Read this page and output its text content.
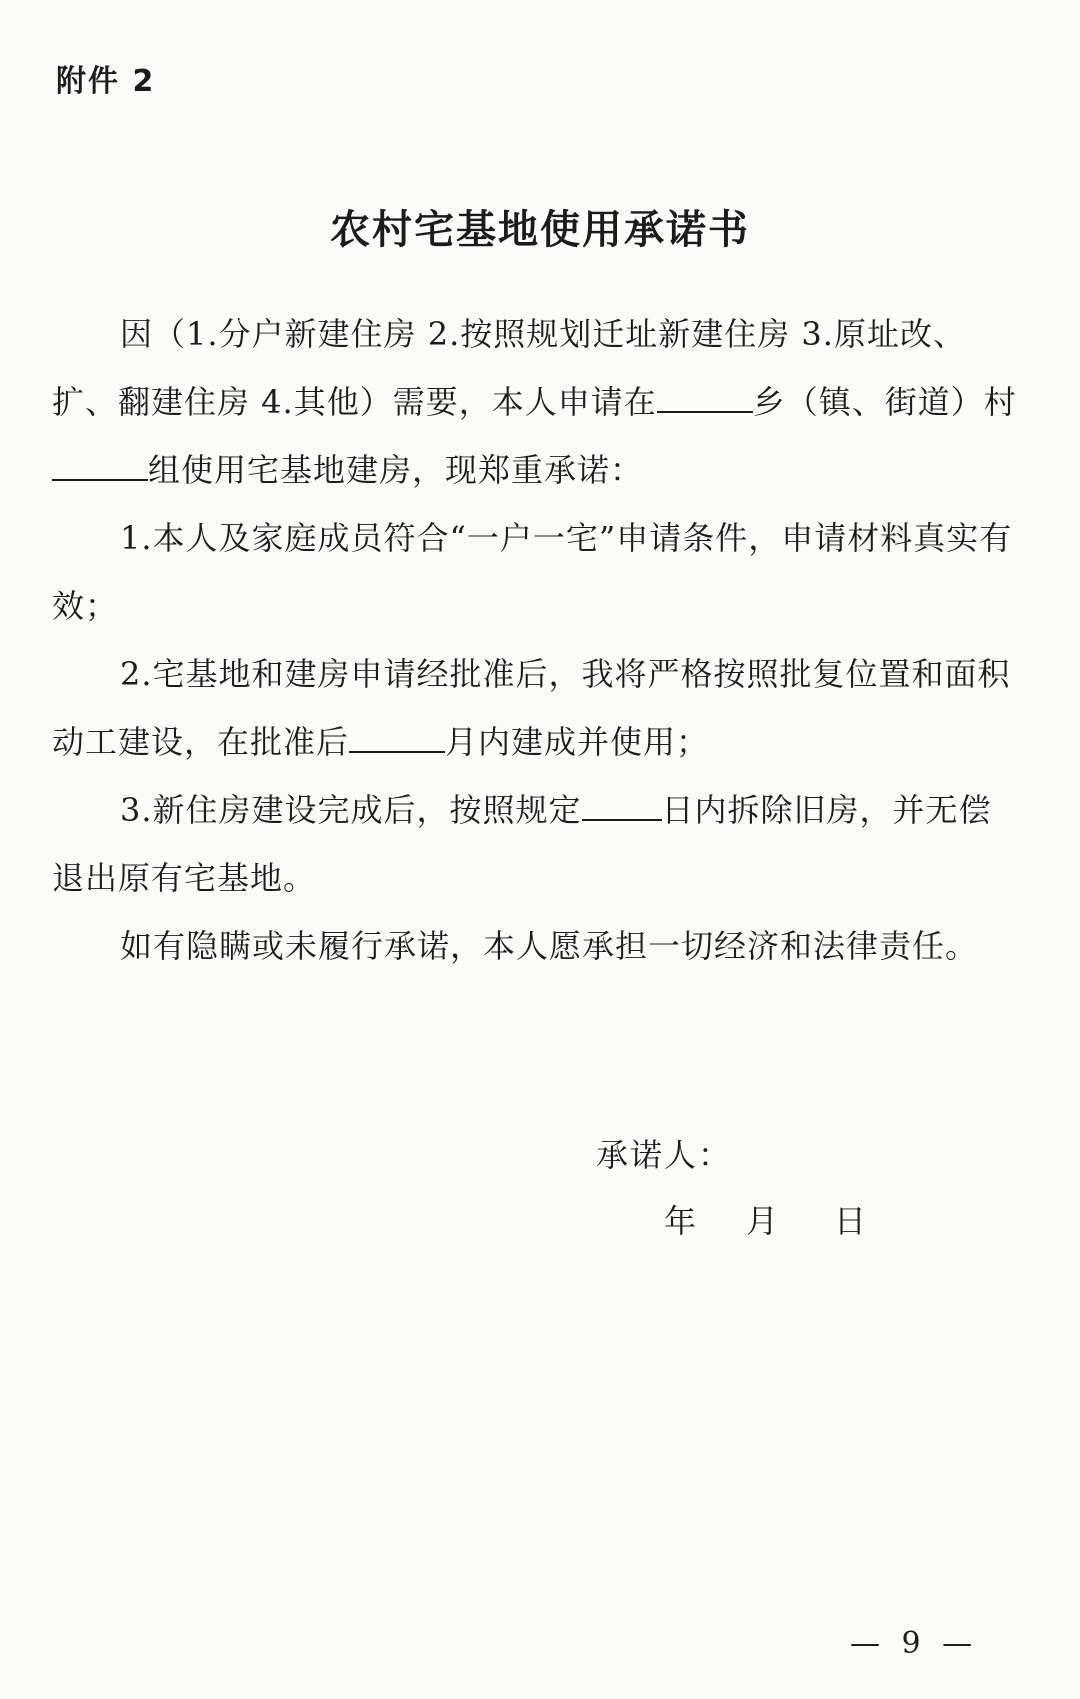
附件 2
农村宅基地使用承诺书

因（1.分户新建住房 2.按照规划迁址新建住房 3.原址改、扩、翻建住房 4.其他）需要，本人申请在	乡（镇、街道）村组使用宅基地建房，现郑重承诺：

1.本人及家庭成员符合“一户一宅”申请条件，申请材料真实有效；

2.宅基地和建房申请经批准后，我将严格按照批复位置和面积动工建设，在批准后	月内建成并使用；

3.新住房建设完成后，按照规定	日内拆除旧房，并无偿退出原有宅基地。

如有隐瞒或未履行承诺，本人愿承担一切经济和法律责任。

承诺人：
年 月 日
— 9 —
